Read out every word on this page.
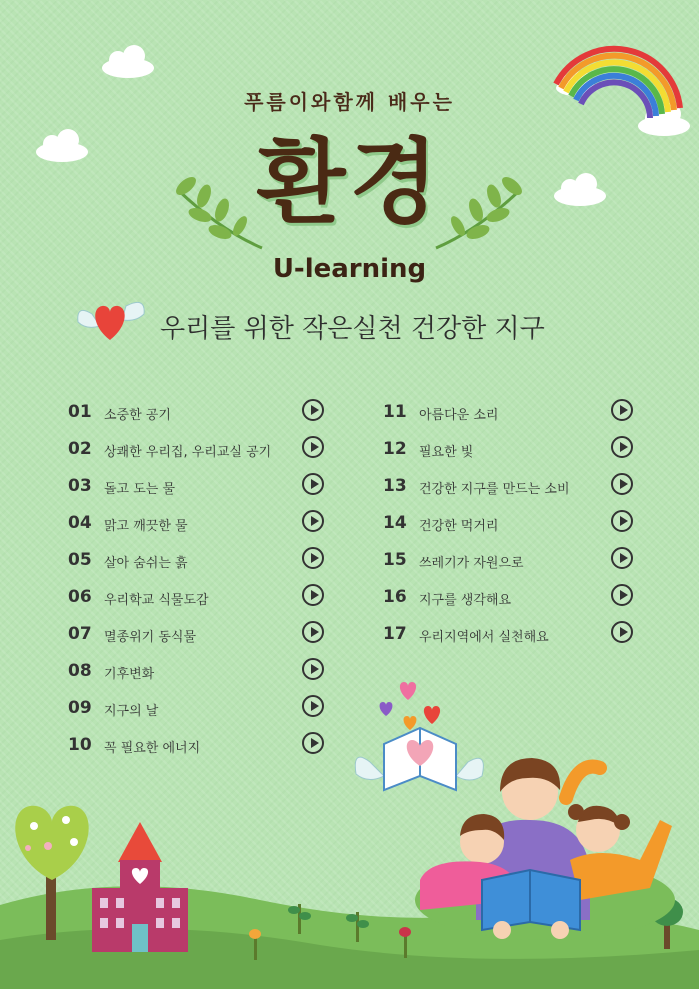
푸름이와함께 배우는
환경
U-learning
우리를 위한 작은실천 건강한 지구
01 소중한 공기
02 상쾌한 우리집, 우리교실 공기
03 돌고 도는 물
04 맑고 깨끗한 물
05 살아 숨쉬는 흙
06 우리학교 식물도감
07 멸종위기 동식물
08 기후변화
09 지구의 날
10 꼭 필요한 에너지
11 아름다운 소리
12 필요한 빛
13 건강한 지구를 만드는 소비
14 건강한 먹거리
15 쓰레기가 자원으로
16 지구를 생각해요
17 우리지역에서 실천해요
